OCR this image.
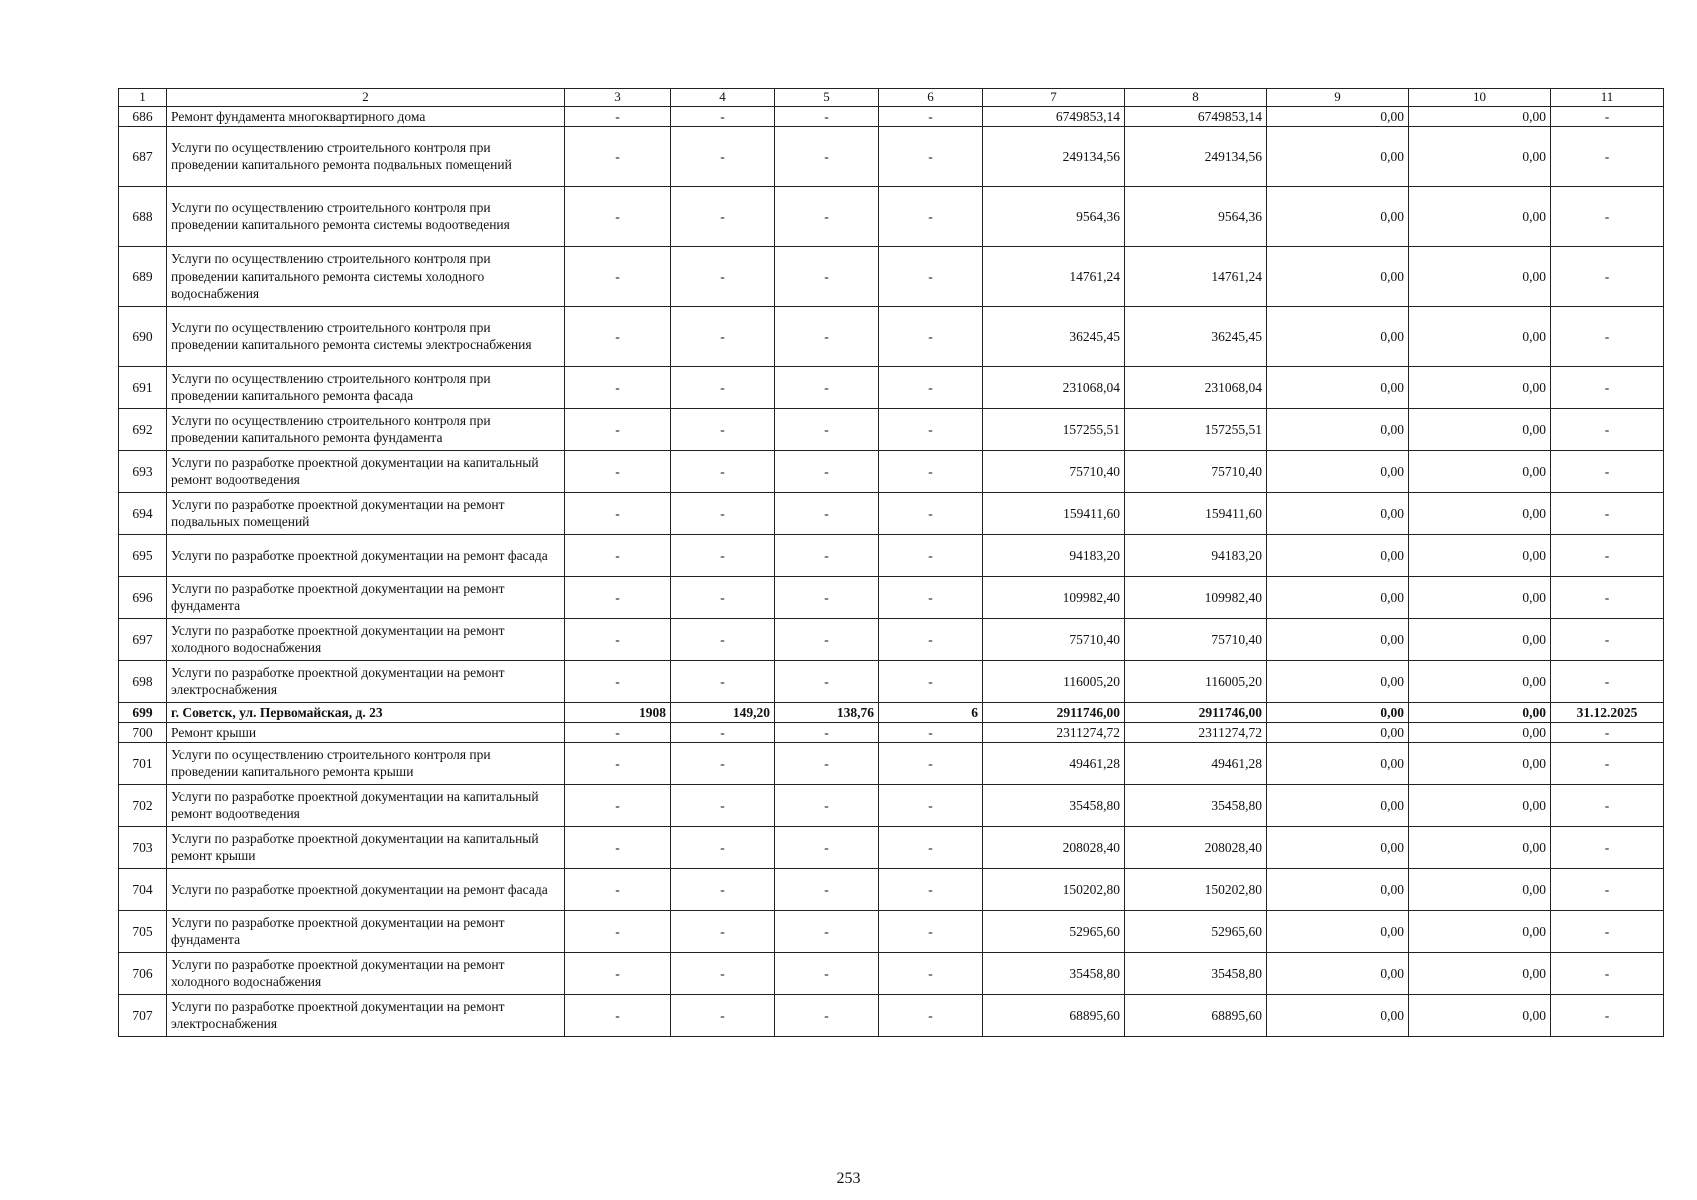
1	2	3	4	5	6	7	8	9	10	11
686	Ремонт фундамента многоквартирного дома	-	-	-	-	6749853,14	6749853,14	0,00	0,00	-
687	Услуги по осуществлению строительного контроля при проведении капитального ремонта подвальных помещений	-	-	-	-	249134,56	249134,56	0,00	0,00	-
688	Услуги по осуществлению строительного контроля при проведении капитального ремонта системы водоотведения	-	-	-	-	9564,36	9564,36	0,00	0,00	-
689	Услуги по осуществлению строительного контроля при проведении капитального ремонта системы холодного водоснабжения	-	-	-	-	14761,24	14761,24	0,00	0,00	-
690	Услуги по осуществлению строительного контроля при проведении капитального ремонта системы электроснабжения	-	-	-	-	36245,45	36245,45	0,00	0,00	-
691	Услуги по осуществлению строительного контроля при проведении капитального ремонта фасада	-	-	-	-	231068,04	231068,04	0,00	0,00	-
692	Услуги по осуществлению строительного контроля при проведении капитального ремонта фундамента	-	-	-	-	157255,51	157255,51	0,00	0,00	-
693	Услуги по разработке проектной документации на капитальный ремонт водоотведения	-	-	-	-	75710,40	75710,40	0,00	0,00	-
694	Услуги по разработке проектной документации на ремонт подвальных помещений	-	-	-	-	159411,60	159411,60	0,00	0,00	-
695	Услуги по разработке проектной документации на ремонт фасада	-	-	-	-	94183,20	94183,20	0,00	0,00	-
696	Услуги по разработке проектной документации на ремонт фундамента	-	-	-	-	109982,40	109982,40	0,00	0,00	-
697	Услуги по разработке проектной документации на ремонт холодного водоснабжения	-	-	-	-	75710,40	75710,40	0,00	0,00	-
698	Услуги по разработке проектной документации на ремонт электроснабжения	-	-	-	-	116005,20	116005,20	0,00	0,00	-
699	г. Советск, ул. Первомайская, д. 23	1908	149,20	138,76	6	2911746,00	2911746,00	0,00	0,00	31.12.2025
700	Ремонт крыши	-	-	-	-	2311274,72	2311274,72	0,00	0,00	-
701	Услуги по осуществлению строительного контроля при проведении капитального ремонта крыши	-	-	-	-	49461,28	49461,28	0,00	0,00	-
702	Услуги по разработке проектной документации на капитальный ремонт водоотведения	-	-	-	-	35458,80	35458,80	0,00	0,00	-
703	Услуги по разработке проектной документации на капитальный ремонт крыши	-	-	-	-	208028,40	208028,40	0,00	0,00	-
704	Услуги по разработке проектной документации на ремонт фасада	-	-	-	-	150202,80	150202,80	0,00	0,00	-
705	Услуги по разработке проектной документации на ремонт фундамента	-	-	-	-	52965,60	52965,60	0,00	0,00	-
706	Услуги по разработке проектной документации на ремонт холодного водоснабжения	-	-	-	-	35458,80	35458,80	0,00	0,00	-
707	Услуги по разработке проектной документации на ремонт электроснабжения	-	-	-	-	68895,60	68895,60	0,00	0,00	-
253
